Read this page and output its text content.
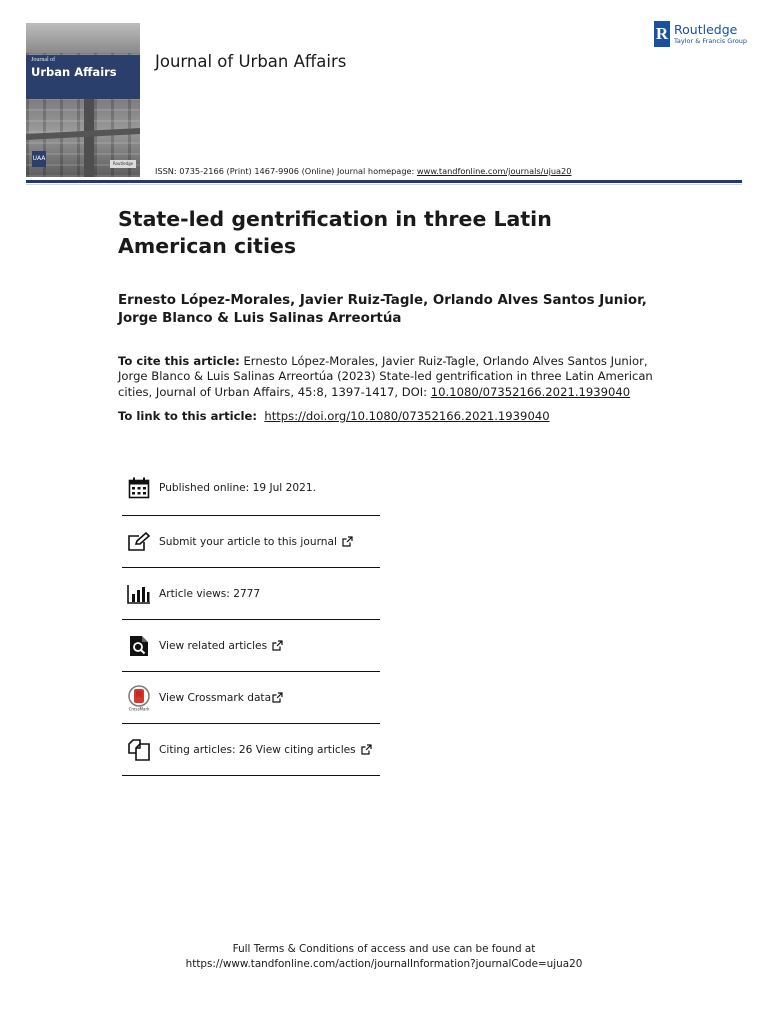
Journal of
Urban Affairs
UAA
Routledge
Journal of Urban Affairs
ISSN: 0735-2166 (Print) 1467-9906 (Online) Journal homepage: www.tandfonline.com/journals/ujua20
R Routledge
Taylor & Francis Group
State-led gentrification in three Latin American cities
Ernesto López-Morales, Javier Ruiz-Tagle, Orlando Alves Santos Junior, Jorge Blanco & Luis Salinas Arreortúa
To cite this article: Ernesto López-Morales, Javier Ruiz-Tagle, Orlando Alves Santos Junior, Jorge Blanco & Luis Salinas Arreortúa (2023) State-led gentrification in three Latin American cities, Journal of Urban Affairs, 45:8, 1397-1417, DOI: 10.1080/07352166.2021.1939040
To link to this article: https://doi.org/10.1080/07352166.2021.1939040
Published online: 19 Jul 2021.
Submit your article to this journal
Article views: 2777
View related articles
CrossMark
View Crossmark data
Citing articles: 26 View citing articles
Full Terms & Conditions of access and use can be found at
https://www.tandfonline.com/action/journalInformation?journalCode=ujua20
